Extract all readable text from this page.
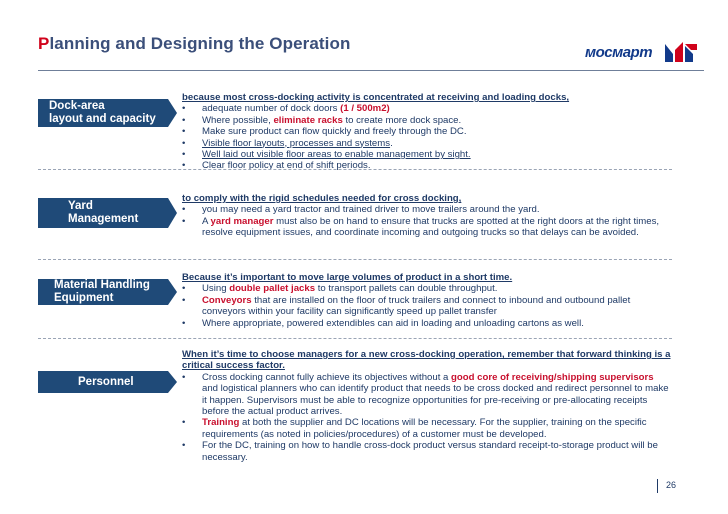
Planning and Designing the Operation	мосмарт
Dock-area
layout and capacity
because most cross-docking activity is concentrated at receiving and loading docks,
•	adequate number of dock doors (1 / 500m2)
•	Where possible, eliminate racks to create more dock space.
•	Make sure product can flow quickly and freely through the DC.
•	Visible floor layouts, processes and systems.
•	Well laid out visible floor areas to enable management by sight.
•	Clear floor policy at end of shift periods.
Yard
Management
to comply with the rigid schedules needed for cross docking,
•	you may need a yard tractor and trained driver to move trailers around the yard.
•	A yard manager must also be on hand to ensure that trucks are spotted at the right doors at the right times, resolve equipment issues, and coordinate incoming and outgoing trucks so that delays can be avoided.
Material Handling
Equipment
Because it’s important to move large volumes of product in a short time.
•	Using double pallet jacks to transport pallets can double throughput.
•	Conveyors that are installed on the floor of truck trailers and connect to inbound and outbound pallet conveyors within your facility can significantly speed up pallet transfer
•	Where appropriate, powered extendibles can aid in loading and unloading cartons as well.
Personnel
When it’s time to choose managers for a new cross-docking operation, remember that forward thinking is a critical success factor.
•	Cross docking cannot fully achieve its objectives without a good core of receiving/shipping supervisors and logistical planners who can identify product that needs to be cross docked and redirect personnel to make it happen. Supervisors must be able to recognize opportunities for pre-receiving or pre-allocating receipts before the actual product arrives.
•	Training at both the supplier and DC locations will be necessary. For the supplier, training on the specific requirements (as noted in policies/procedures) of a customer must be developed.
•	For the DC, training on how to handle cross-dock product versus standard receipt-to-storage product will be necessary.
26
